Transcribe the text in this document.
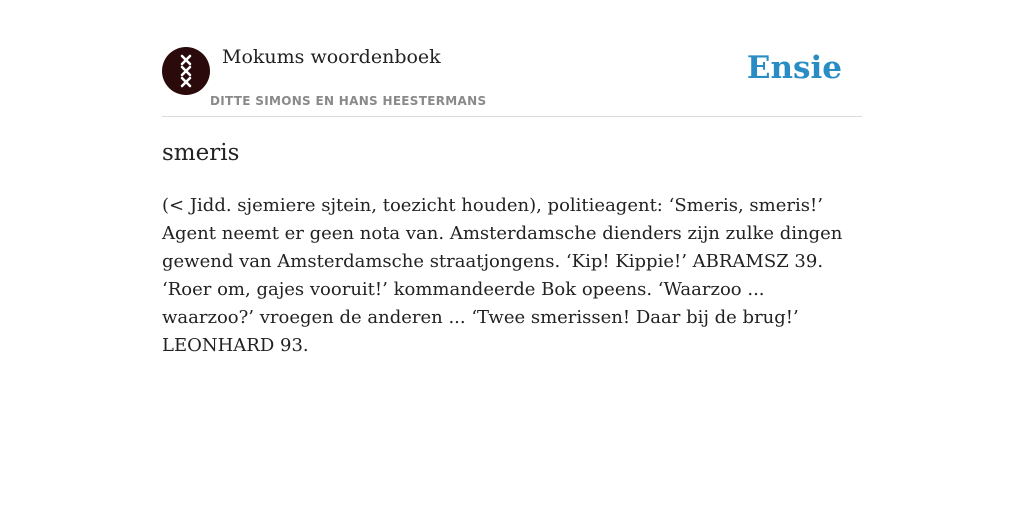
Mokums woordenboek
DITTE SIMONS EN HANS HEESTERMANS
Ensie
smeris

(< Jidd. sjemiere sjtein, toezicht houden), politieagent: ‘Smeris, smeris!’ Agent neemt er geen nota van. Amsterdamsche dienders zijn zulke dingen gewend van Amsterdamsche straatjongens. ‘Kip! Kippie!’ ABRAMSZ 39. ‘Roer om, gajes vooruit!’ kommandeerde Bok opeens. ‘Waarzoo ... waarzoo?’ vroegen de anderen ... ‘Twee smerissen! Daar bij de brug!’ LEONHARD 93.
